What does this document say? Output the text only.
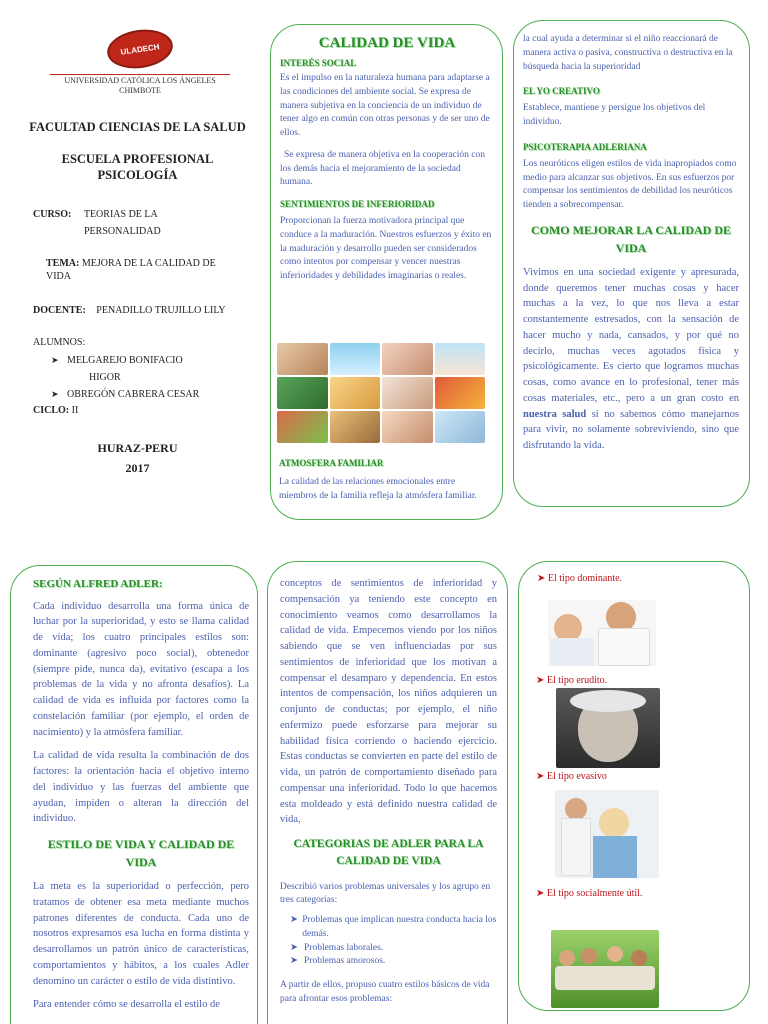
ULADECH
UNIVERSIDAD CATÓLICA LOS ÁNGELES
CHIMBOTE
FACULTAD CIENCIAS DE LA SALUD
ESCUELA PROFESIONAL PSICOLOGÍA
CURSO: TEORIAS DE LA
PERSONALIDAD
TEMA: MEJORA DE LA CALIDAD DE VIDA
DOCENTE: PENADILLO TRUJILLO LILY
ALUMNOS:
➤ MELGAREJO BONIFACIO
HIGOR
➤ OBREGÓN CABRERA CESAR
CICLO: II
HURAZ-PERU
2017
CALIDAD DE VIDA
INTERÉS SOCIAL
Es el impulso en la naturaleza humana para adaptarse a las condiciones del ambiente social. Se expresa de manera subjetiva en la conciencia de un individuo de tener algo en común con otras personas y de ser uno de ellos.
Se expresa de manera objetiva en la cooperación con los demás hacia el mejoramiento de la sociedad humana.
SENTIMIENTOS DE INFERIORIDAD
Proporcionan la fuerza motivadora principal que conduce a la maduración. Nuestros esfuerzos y éxito en la maduración y desarrollo pueden ser considerados como intentos por compensar y vencer nuestras inferioridades y debilidades imaginarias o reales.
ATMOSFERA FAMILIAR
La calidad de las relaciones emocionales entre miembros de la familia refleja la atmósfera familiar.
la cual ayuda a determinar si el niño reaccionará de manera activa o pasiva, constructiva o destructiva en la búsqueda hacia la superioridad
EL YO CREATIVO
Establece, mantiene y persigue los objetivos del individuo.
PSICOTERAPIA ADLERIANA
Los neuróticos eligen estilos de vida inapropiados como medio para alcanzar sus objetivos. En sus esfuerzos por compensar los sentimientos de debilidad los neuróticos tienden a sobrecompensar.
COMO MEJORAR LA CALIDAD DE VIDA
Vivimos en una sociedad exigente y apresurada, donde queremos tener muchas cosas y hacer muchas a la vez, lo que nos lleva a estar constantemente estresados, con la sensación de hacer mucho y nada, cansados, y por qué no decirlo, muchas veces agotados física y psicológicamente. Es cierto que logramos muchas cosas, como avance en lo profesional, tener más cosas materiales, etc., pero a un gran costo en nuestra salud si no sabemos cómo manejarnos para vivir, no solamente sobreviviendo, sino que disfrutando la vida.
SEGÚN ALFRED ADLER:
Cada individuo desarrolla una forma única de luchar por la superioridad, y esto se llama calidad de vida; los cuatro principales estilos son: dominante (agresivo poco social), obtenedor (siempre pide, nunca da), evitativo (escapa a los problemas de la vida y no afronta desafíos). La calidad de vida es influida por factores como la constelación familiar (por ejemplo, el orden de nacimiento) y la atmósfera familiar.
La calidad de vida resulta la combinación de dos factores: la orientación hacia el objetivo interno del individuo y las fuerzas del ambiente que ayudan, impiden o alteran la dirección del individuo.
ESTILO DE VIDA Y CALIDAD DE VIDA
La meta es la superioridad o perfección, pero tratamos de obtener esa meta mediante muchos patrones diferentes de conducta. Cada uno de nosotros expresamos esa lucha en forma distinta y desarrollamos un patrón único de características, comportamientos y hábitos, a los cuales Adler denomino un carácter o estilo de vida distintivo.
Para entender cómo se desarrolla el estilo de
conceptos de sentimientos de inferioridad y compensación ya teniendo este concepto en conocimiento veamos como desarrollamos la calidad de vida. Empecemos viendo por los niños sabiendo que se ven influenciadas por sus sentimientos de inferioridad que los motivan a compensar el desamparo y dependencia. En estos intentos de compensación, los niños adquieren un conjunto de conductas; por ejemplo, el niño enfermizo puede esforzarse para mejorar su habilidad física corriendo o haciendo ejercicio. Estas conductas se convierten en parte del estilo de vida, un patrón de comportamiento diseñado para compensar una inferioridad. Todo lo que hacemos esta moldeado y está definido nuestra calidad de vida,
CATEGORIAS DE ADLER PARA LA CALIDAD DE VIDA
Describió varios problemas universales y los agrupo en tres categorías:
➤ Problemas que implican nuestra conducta hacia los demás.
➤ Problemas laborales.
➤ Problemas amorosos.
A partir de ellos, propuso cuatro estilos básicos de vida para afrontar esos problemas:
➤ El tipo dominante.
➤ El tipo erudito.
➤ El tipo evasivo
➤ El tipo socialmente útil.
